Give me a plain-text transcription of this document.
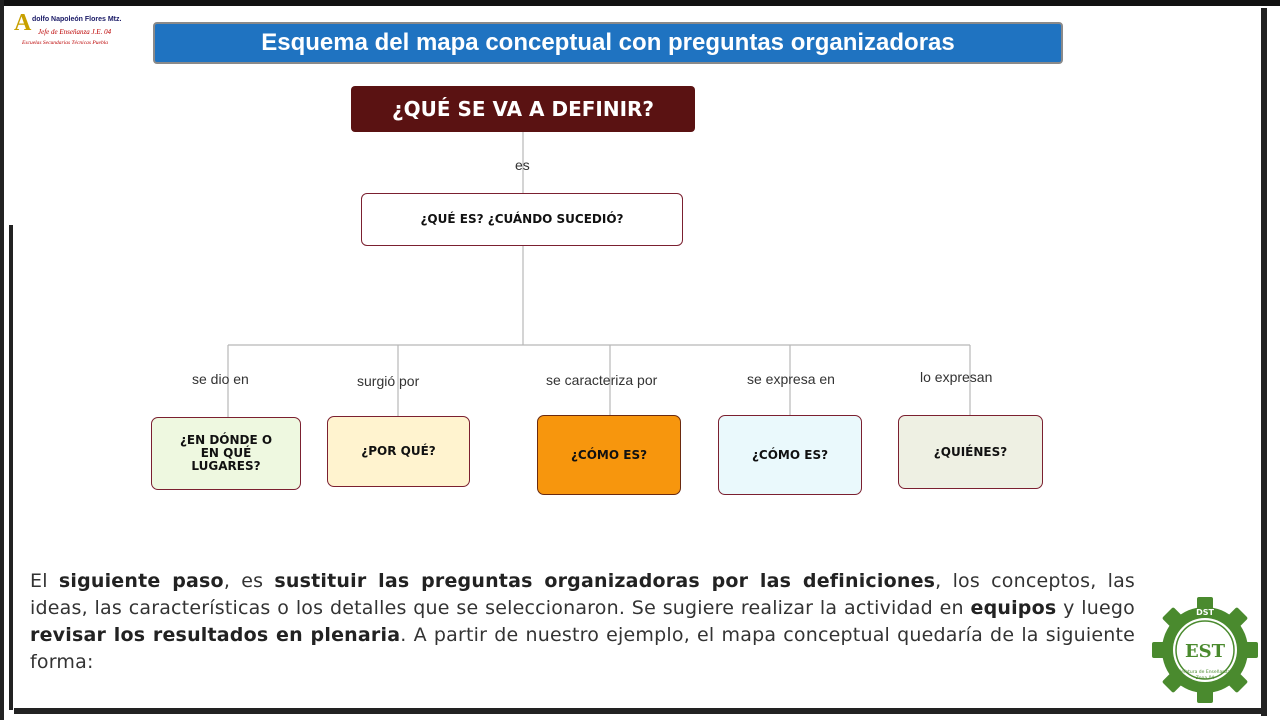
A dolfo Napoleón Flores Mtz.
Jefe de Enseñanza J.E. 04
Escuelas Secundarias Técnicas Puebla	Esquema del mapa conceptual con preguntas organizadoras
¿QUÉ SE VA A DEFINIR?
es
¿QUÉ ES? ¿CUÁNDO SUCEDIÓ?
se dio en	surgió por	se caracteriza por	se expresa en	lo expresan
¿EN DÓNDE O EN QUÉ LUGARES?
¿POR QUÉ?	¿CÓMO ES?	¿CÓMO ES?	¿QUIÉNES?
El siguiente paso, es sustituir las preguntas organizadoras por las definiciones, los conceptos, las ideas, las características o los detalles que se seleccionaron. Se sugiere realizar la actividad en equipos y luego revisar los resultados en plenaria. A partir de nuestro ejemplo, el mapa conceptual quedaría de la siguiente forma:
DST
EST
Jefatura de Enseñanza
Zona 04
